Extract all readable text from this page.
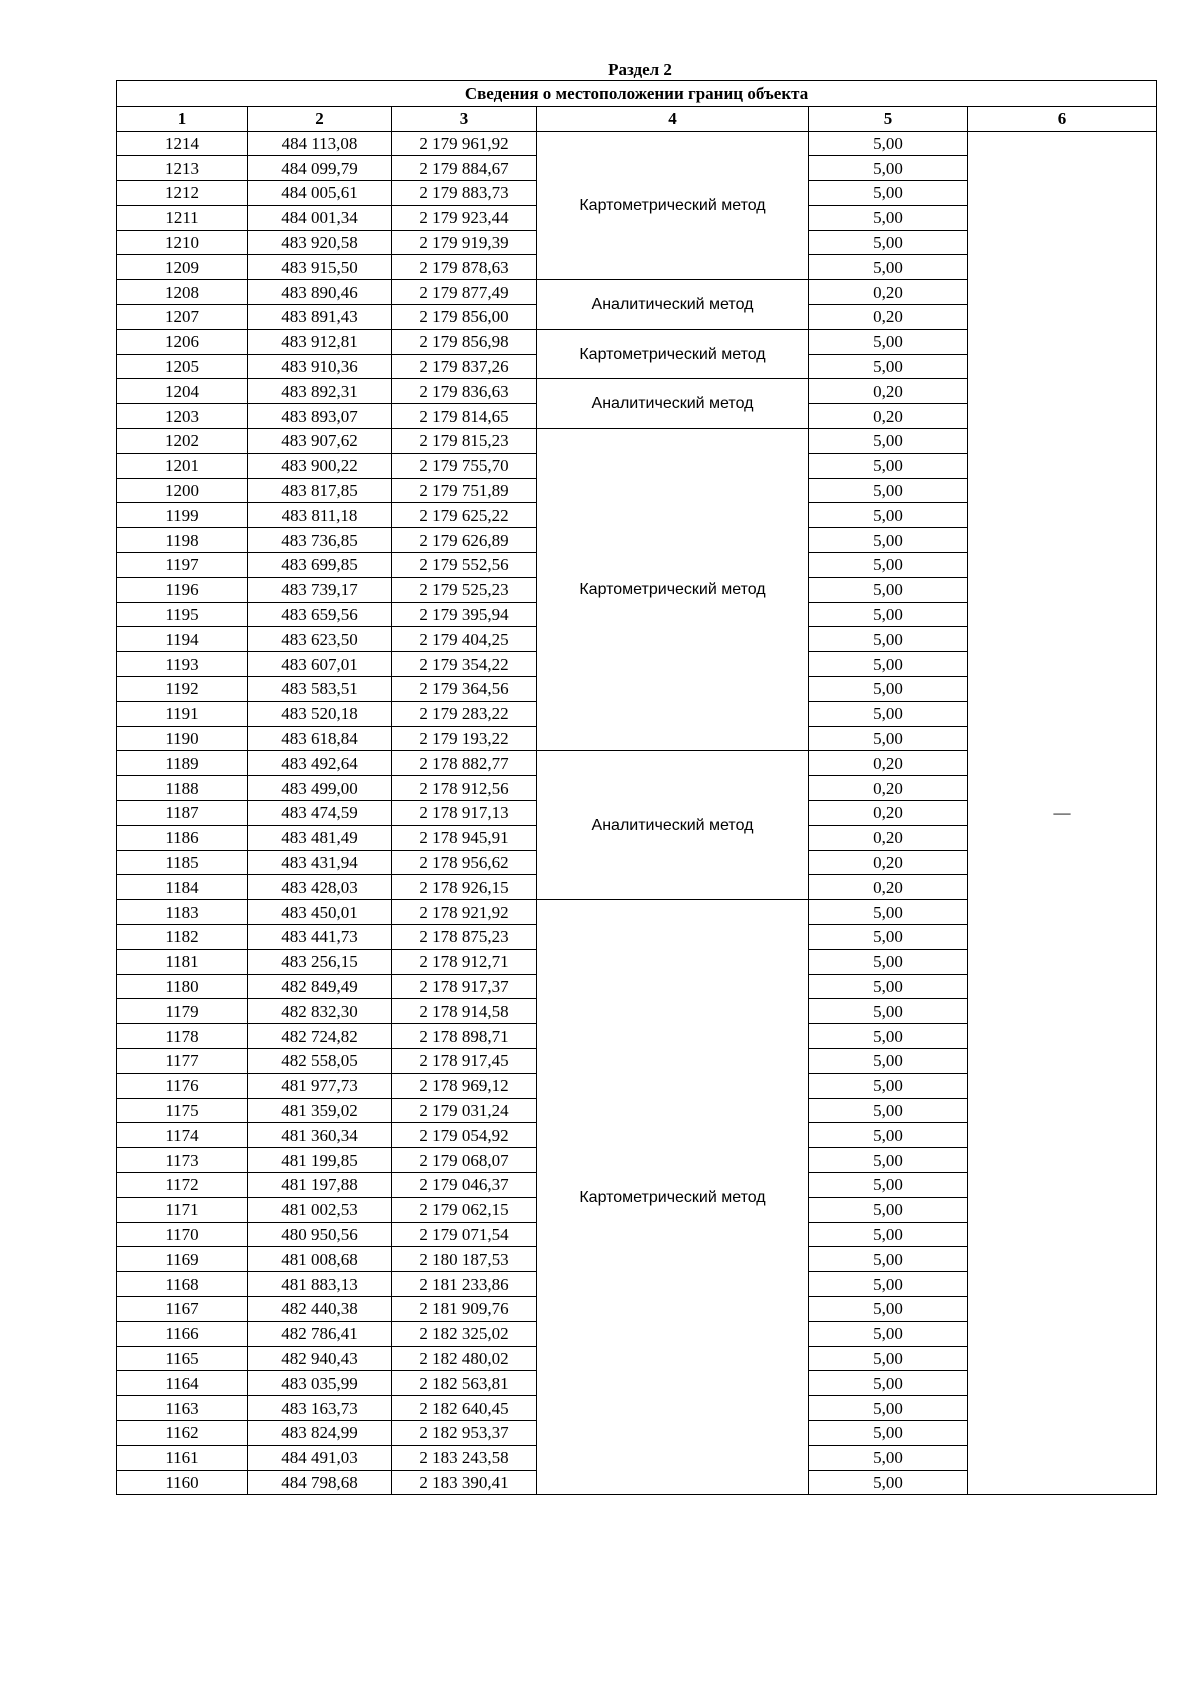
Раздел 2
Сведения о местоположении границ объекта					
1	2	3	4	5	6
1214	484 113,08	2 179 961,92	Картометрический метод	5,00	—
1213	484 099,79	2 179 884,67		5,00	
1212	484 005,61	2 179 883,73		5,00	
1211	484 001,34	2 179 923,44		5,00	
1210	483 920,58	2 179 919,39		5,00	
1209	483 915,50	2 179 878,63		5,00	
1208	483 890,46	2 179 877,49	Аналитический метод	0,20	
1207	483 891,43	2 179 856,00		0,20	
1206	483 912,81	2 179 856,98	Картометрический метод	5,00	
1205	483 910,36	2 179 837,26		5,00	
1204	483 892,31	2 179 836,63	Аналитический метод	0,20	
1203	483 893,07	2 179 814,65		0,20	
1202	483 907,62	2 179 815,23	Картометрический метод	5,00	
1201	483 900,22	2 179 755,70		5,00	
1200	483 817,85	2 179 751,89		5,00	
1199	483 811,18	2 179 625,22		5,00	
1198	483 736,85	2 179 626,89		5,00	
1197	483 699,85	2 179 552,56		5,00	
1196	483 739,17	2 179 525,23		5,00	
1195	483 659,56	2 179 395,94		5,00	
1194	483 623,50	2 179 404,25		5,00	
1193	483 607,01	2 179 354,22		5,00	
1192	483 583,51	2 179 364,56		5,00	
1191	483 520,18	2 179 283,22		5,00	
1190	483 618,84	2 179 193,22		5,00	
1189	483 492,64	2 178 882,77	Аналитический метод	0,20	
1188	483 499,00	2 178 912,56		0,20	
1187	483 474,59	2 178 917,13		0,20	
1186	483 481,49	2 178 945,91		0,20	
1185	483 431,94	2 178 956,62		0,20	
1184	483 428,03	2 178 926,15		0,20	
1183	483 450,01	2 178 921,92	Картометрический метод	5,00	
1182	483 441,73	2 178 875,23		5,00	
1181	483 256,15	2 178 912,71		5,00	
1180	482 849,49	2 178 917,37		5,00	
1179	482 832,30	2 178 914,58		5,00	
1178	482 724,82	2 178 898,71		5,00	
1177	482 558,05	2 178 917,45		5,00	
1176	481 977,73	2 178 969,12		5,00	
1175	481 359,02	2 179 031,24		5,00	
1174	481 360,34	2 179 054,92		5,00	
1173	481 199,85	2 179 068,07		5,00	
1172	481 197,88	2 179 046,37		5,00	
1171	481 002,53	2 179 062,15		5,00	
1170	480 950,56	2 179 071,54		5,00	
1169	481 008,68	2 180 187,53		5,00	
1168	481 883,13	2 181 233,86		5,00	
1167	482 440,38	2 181 909,76		5,00	
1166	482 786,41	2 182 325,02		5,00	
1165	482 940,43	2 182 480,02		5,00	
1164	483 035,99	2 182 563,81		5,00	
1163	483 163,73	2 182 640,45		5,00	
1162	483 824,99	2 182 953,37		5,00	
1161	484 491,03	2 183 243,58		5,00	
1160	484 798,68	2 183 390,41		5,00	
